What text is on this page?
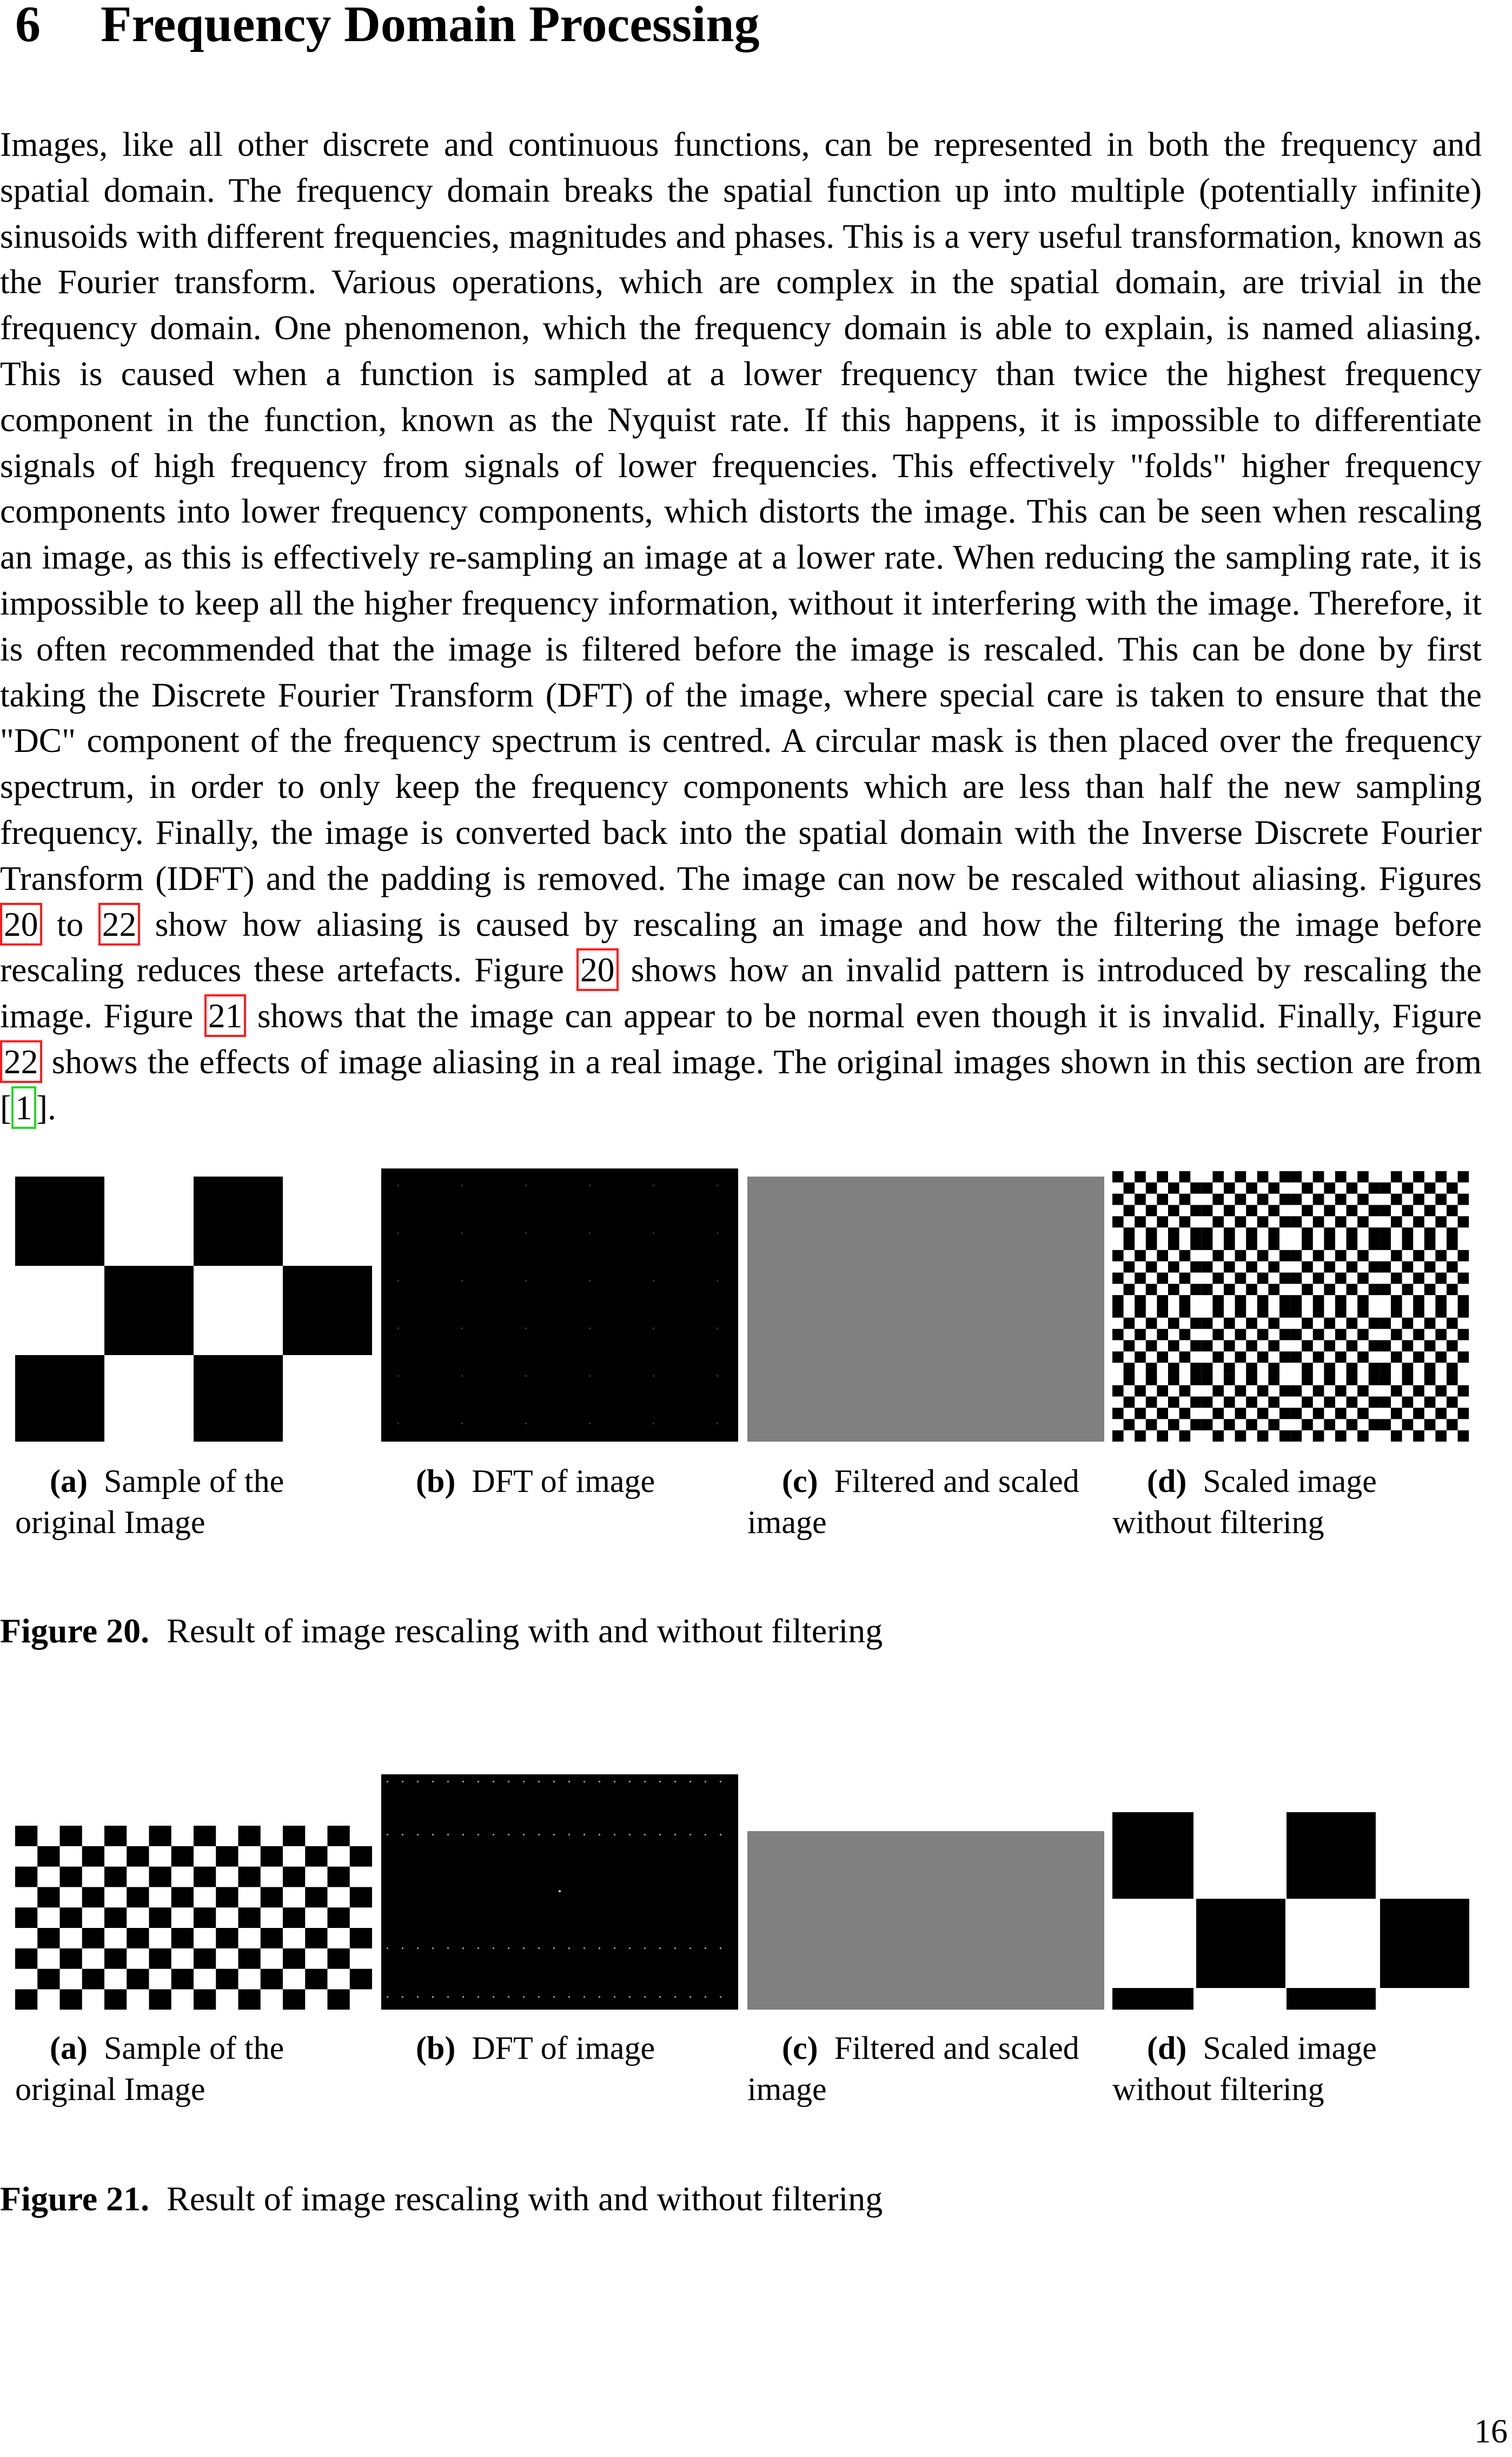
6	Frequency Domain Processing
Images, like all other discrete and continuous functions, can be represented in both the frequency and spatial domain. The frequency domain breaks the spatial function up into multiple (potentially infinite) sinusoids with different frequencies, magnitudes and phases. This is a very useful transformation, known as the Fourier transform. Various operations, which are complex in the spatial domain, are trivial in the frequency domain. One phenomenon, which the frequency domain is able to explain, is named aliasing. This is caused when a function is sampled at a lower frequency than twice the highest frequency component in the function, known as the Nyquist rate. If this happens, it is impossible to differentiate signals of high frequency from signals of lower frequencies. This effectively "folds" higher frequency components into lower frequency components, which distorts the image. This can be seen when rescaling an image, as this is effectively re-sampling an image at a lower rate. When reducing the sampling rate, it is impossible to keep all the higher frequency information, without it interfering with the image. Therefore, it is often recommended that the image is filtered before the image is rescaled. This can be done by first taking the Discrete Fourier Transform (DFT) of the image, where special care is taken to ensure that the "DC" component of the frequency spectrum is centred. A circular mask is then placed over the frequency spectrum, in order to only keep the frequency components which are less than half the new sampling frequency. Finally, the image is converted back into the spatial domain with the Inverse Discrete Fourier Transform (IDFT) and the padding is removed. The image can now be rescaled without aliasing. Figures 20 to 22 show how aliasing is caused by rescaling an image and how the filtering the image before rescaling reduces these artefacts. Figure 20 shows how an invalid pattern is introduced by rescaling the image. Figure 21 shows that the image can appear to be normal even though it is invalid. Finally, Figure 22 shows the effects of image aliasing in a real image. The original images shown in this section are from [ 1 ].
(a) Sample of the original Image
(b) DFT of image	(c) Filtered and scaled image
(d) Scaled image without filtering
Figure 20. Result of image rescaling with and without filtering
(a) Sample of the original Image
(b) DFT of image	(c) Filtered and scaled image
(d) Scaled image without filtering
Figure 21. Result of image rescaling with and without filtering
16
